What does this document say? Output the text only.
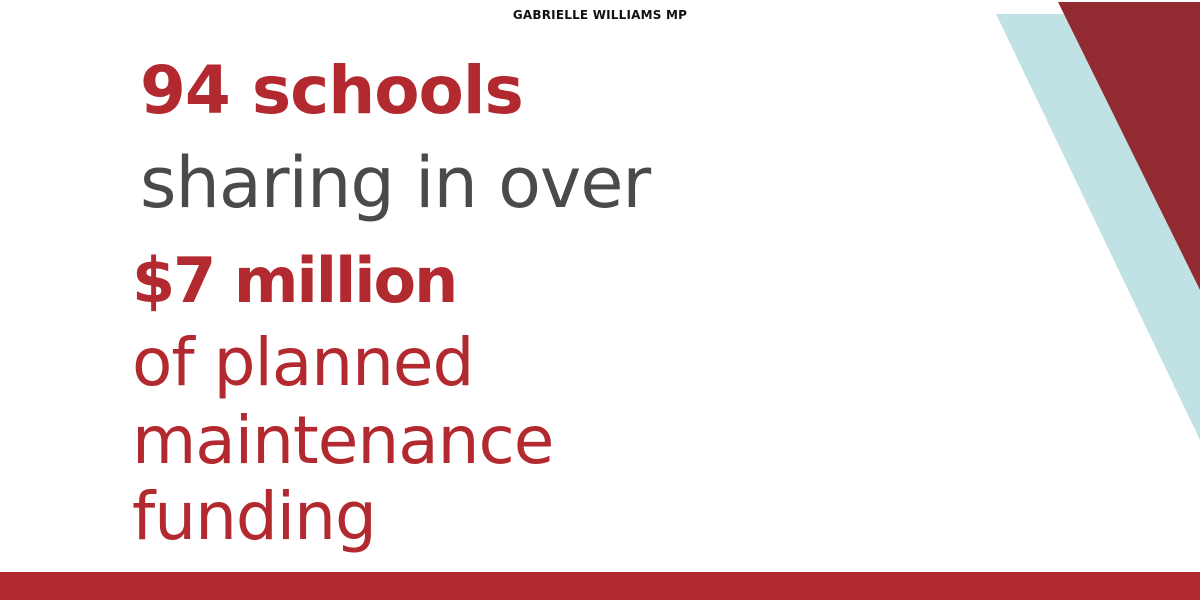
GABRIELLE WILLIAMS MP
94 schools
sharing in over
$7 million
of planned
maintenance
funding
